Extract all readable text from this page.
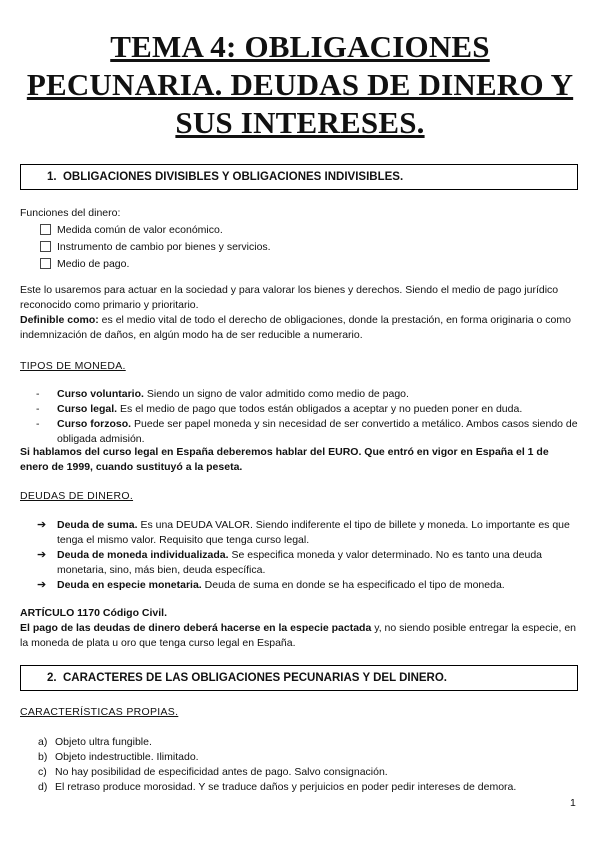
TEMA 4: OBLIGACIONES PECUNARIA. DEUDAS DE DINERO Y SUS INTERESES.
1. OBLIGACIONES DIVISIBLES Y OBLIGACIONES INDIVISIBLES.
Funciones del dinero:
Medida común de valor económico.
Instrumento de cambio por bienes y servicios.
Medio de pago.

Este lo usaremos para actuar en la sociedad y para valorar los bienes y derechos. Siendo el medio de pago jurídico reconocido como primario y prioritario.

Definible como: es el medio vital de todo el derecho de obligaciones, donde la prestación, en forma originaria o como indemnización de daños, en algún modo ha de ser reducible a numerario.

TIPOS DE MONEDA.
- Curso voluntario. Siendo un signo de valor admitido como medio de pago.
- Curso legal. Es el medio de pago que todos están obligados a aceptar y no pueden poner en duda.
- Curso forzoso. Puede ser papel moneda y sin necesidad de ser convertido a metálico. Ambos casos siendo de obligada admisión.

Si hablamos del curso legal en España deberemos hablar del EURO. Que entró en vigor en España el 1 de enero de 1999, cuando sustituyó a la peseta.

DEUDAS DE DINERO.
➔ Deuda de suma. Es una DEUDA VALOR. Siendo indiferente el tipo de billete y moneda. Lo importante es que tenga el mismo valor. Requisito que tenga curso legal.
➔ Deuda de moneda individualizada. Se especifica moneda y valor determinado. No es tanto una deuda monetaria, sino, más bien, deuda específica.
➔ Deuda en especie monetaria. Deuda de suma en donde se ha especificado el tipo de moneda.
ARTÍCULO 1170 Código Civil.

El pago de las deudas de dinero deberá hacerse en la especie pactada y, no siendo posible entregar la especie, en la moneda de plata u oro que tenga curso legal en España.

2. CARACTERES DE LAS OBLIGACIONES PECUNARIAS Y DEL DINERO.
CARACTERÍSTICAS PROPIAS.
a) Objeto ultra fungible.
b) Objeto indestructible. Ilimitado.
c) No hay posibilidad de especificidad antes de pago. Salvo consignación.
d) El retraso produce morosidad. Y se traduce daños y perjuicios en poder pedir intereses de demora.
1
